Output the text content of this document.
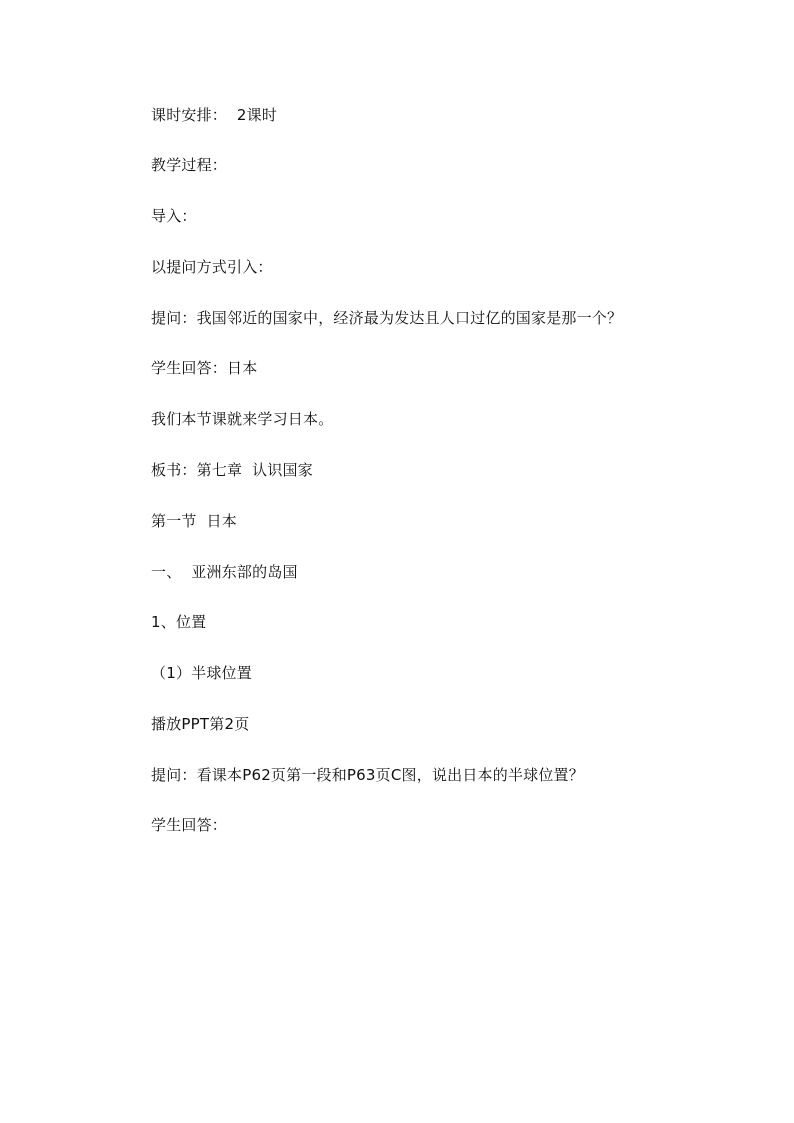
课时安排：  2课时
教学过程：
导入：
以提问方式引入：
提问：我国邻近的国家中，经济最为发达且人口过亿的国家是那一个？
学生回答：日本
我们本节课就来学习日本。
板书：第七章  认识国家
第一节  日本
一、  亚洲东部的岛国
1、位置
（1）半球位置
播放PPT第2页
提问：看课本P62页第一段和P63页C图，说出日本的半球位置？
学生回答：
